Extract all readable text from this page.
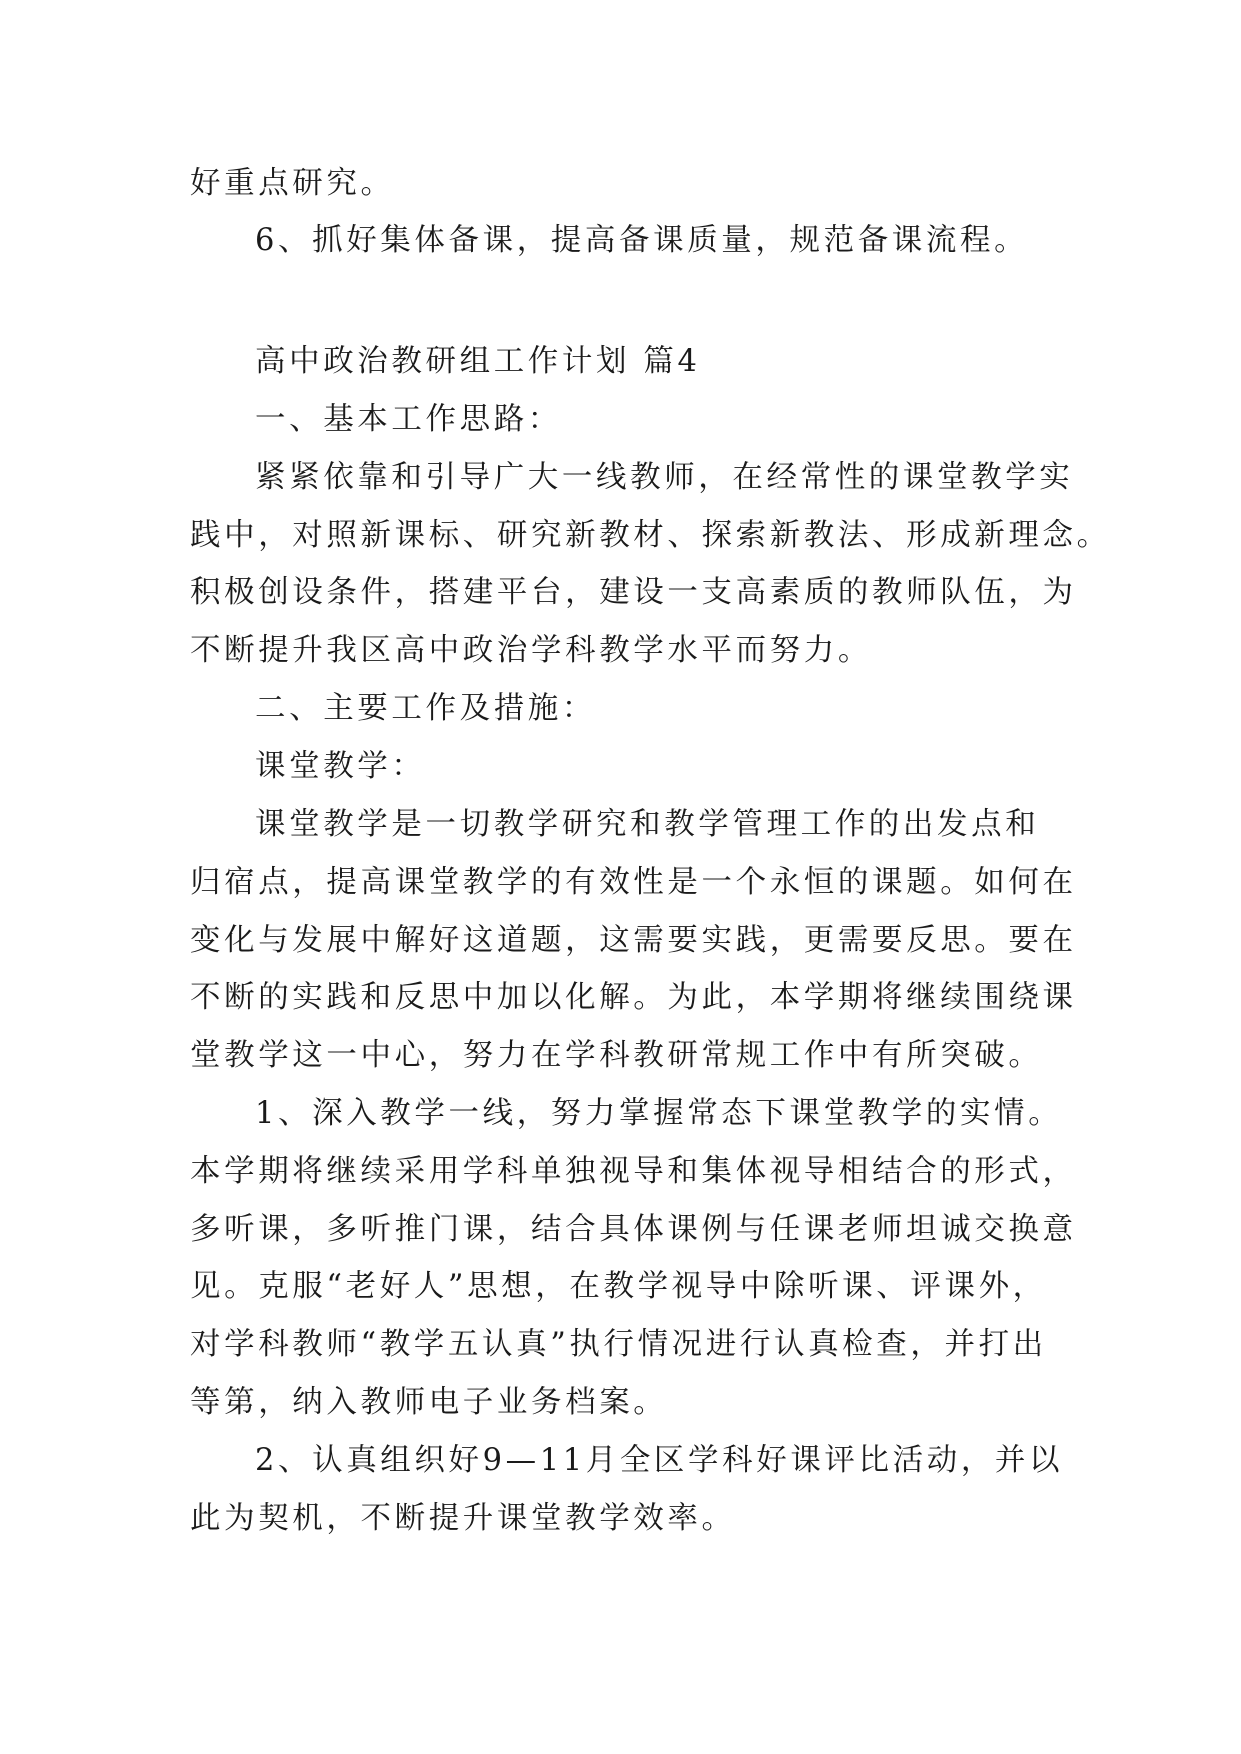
好重点研究。
6、抓好集体备课，提高备课质量，规范备课流程。
高中政治教研组工作计划 篇4
一、基本工作思路：
紧紧依靠和引导广大一线教师，在经常性的课堂教学实
践中，对照新课标、研究新教材、探索新教法、形成新理念。
积极创设条件，搭建平台，建设一支高素质的教师队伍，为
不断提升我区高中政治学科教学水平而努力。
二、主要工作及措施：
课堂教学：
课堂教学是一切教学研究和教学管理工作的出发点和
归宿点，提高课堂教学的有效性是一个永恒的课题。如何在
变化与发展中解好这道题，这需要实践，更需要反思。要在
不断的实践和反思中加以化解。为此，本学期将继续围绕课
堂教学这一中心，努力在学科教研常规工作中有所突破。
1、深入教学一线，努力掌握常态下课堂教学的实情。
本学期将继续采用学科单独视导和集体视导相结合的形式，
多听课，多听推门课，结合具体课例与任课老师坦诚交换意
见。克服“老好人”思想，在教学视导中除听课、评课外，
对学科教师“教学五认真”执行情况进行认真检查，并打出
等第，纳入教师电子业务档案。
2、认真组织好9—11月全区学科好课评比活动，并以
此为契机，不断提升课堂教学效率。
